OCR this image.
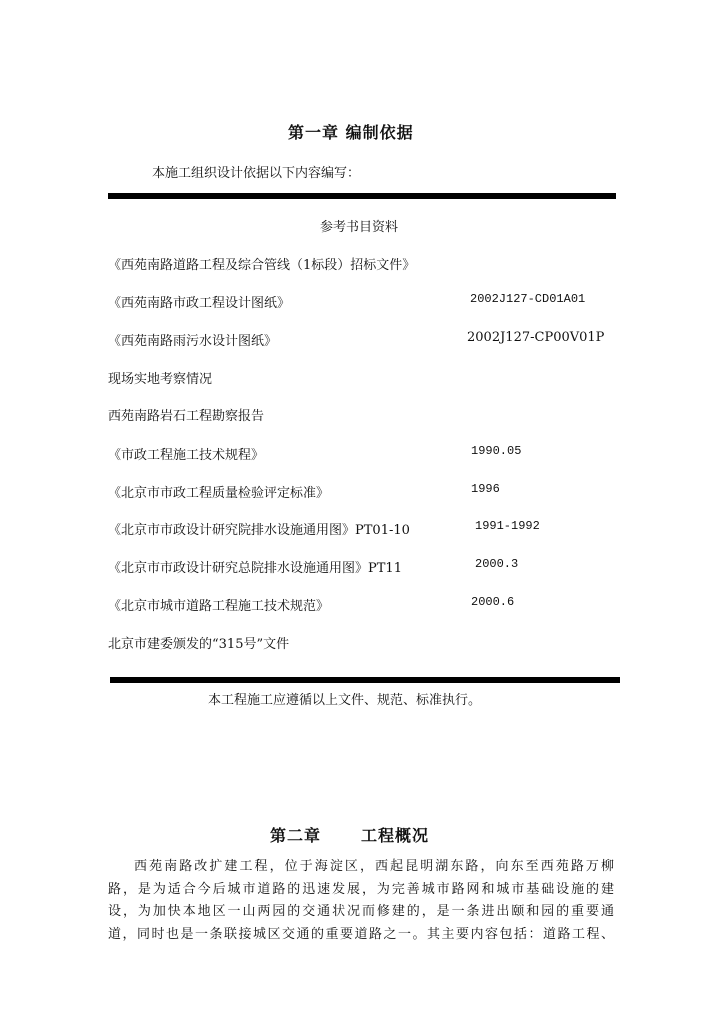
第一章 编制依据
本施工组织设计依据以下内容编写：
参考书目资料
《西苑南路道路工程及综合管线（1标段）招标文件》
《西苑南路市政工程设计图纸》	2002J127-CD01A01
《西苑南路雨污水设计图纸》	2002J127-CP00V01P
现场实地考察情况
西苑南路岩石工程勘察报告
《市政工程施工技术规程》	1990.05
《北京市市政工程质量检验评定标准》	1996
《北京市市政设计研究院排水设施通用图》PT01-10	1991-1992
《北京市市政设计研究总院排水设施通用图》PT11	2000.3
《北京市城市道路工程施工技术规范》	2000.6
北京市建委颁发的“315号”文件
本工程施工应遵循以上文件、规范、标准执行。
第二章	工程概况
西苑南路改扩建工程，位于海淀区，西起昆明湖东路，向东至西苑路万柳
路，是为适合今后城市道路的迅速发展，为完善城市路网和城市基础设施的建
设，为加快本地区一山两园的交通状况而修建的，是一条进出颐和园的重要通
道，同时也是一条联接城区交通的重要道路之一。其主要内容包括：道路工程、
